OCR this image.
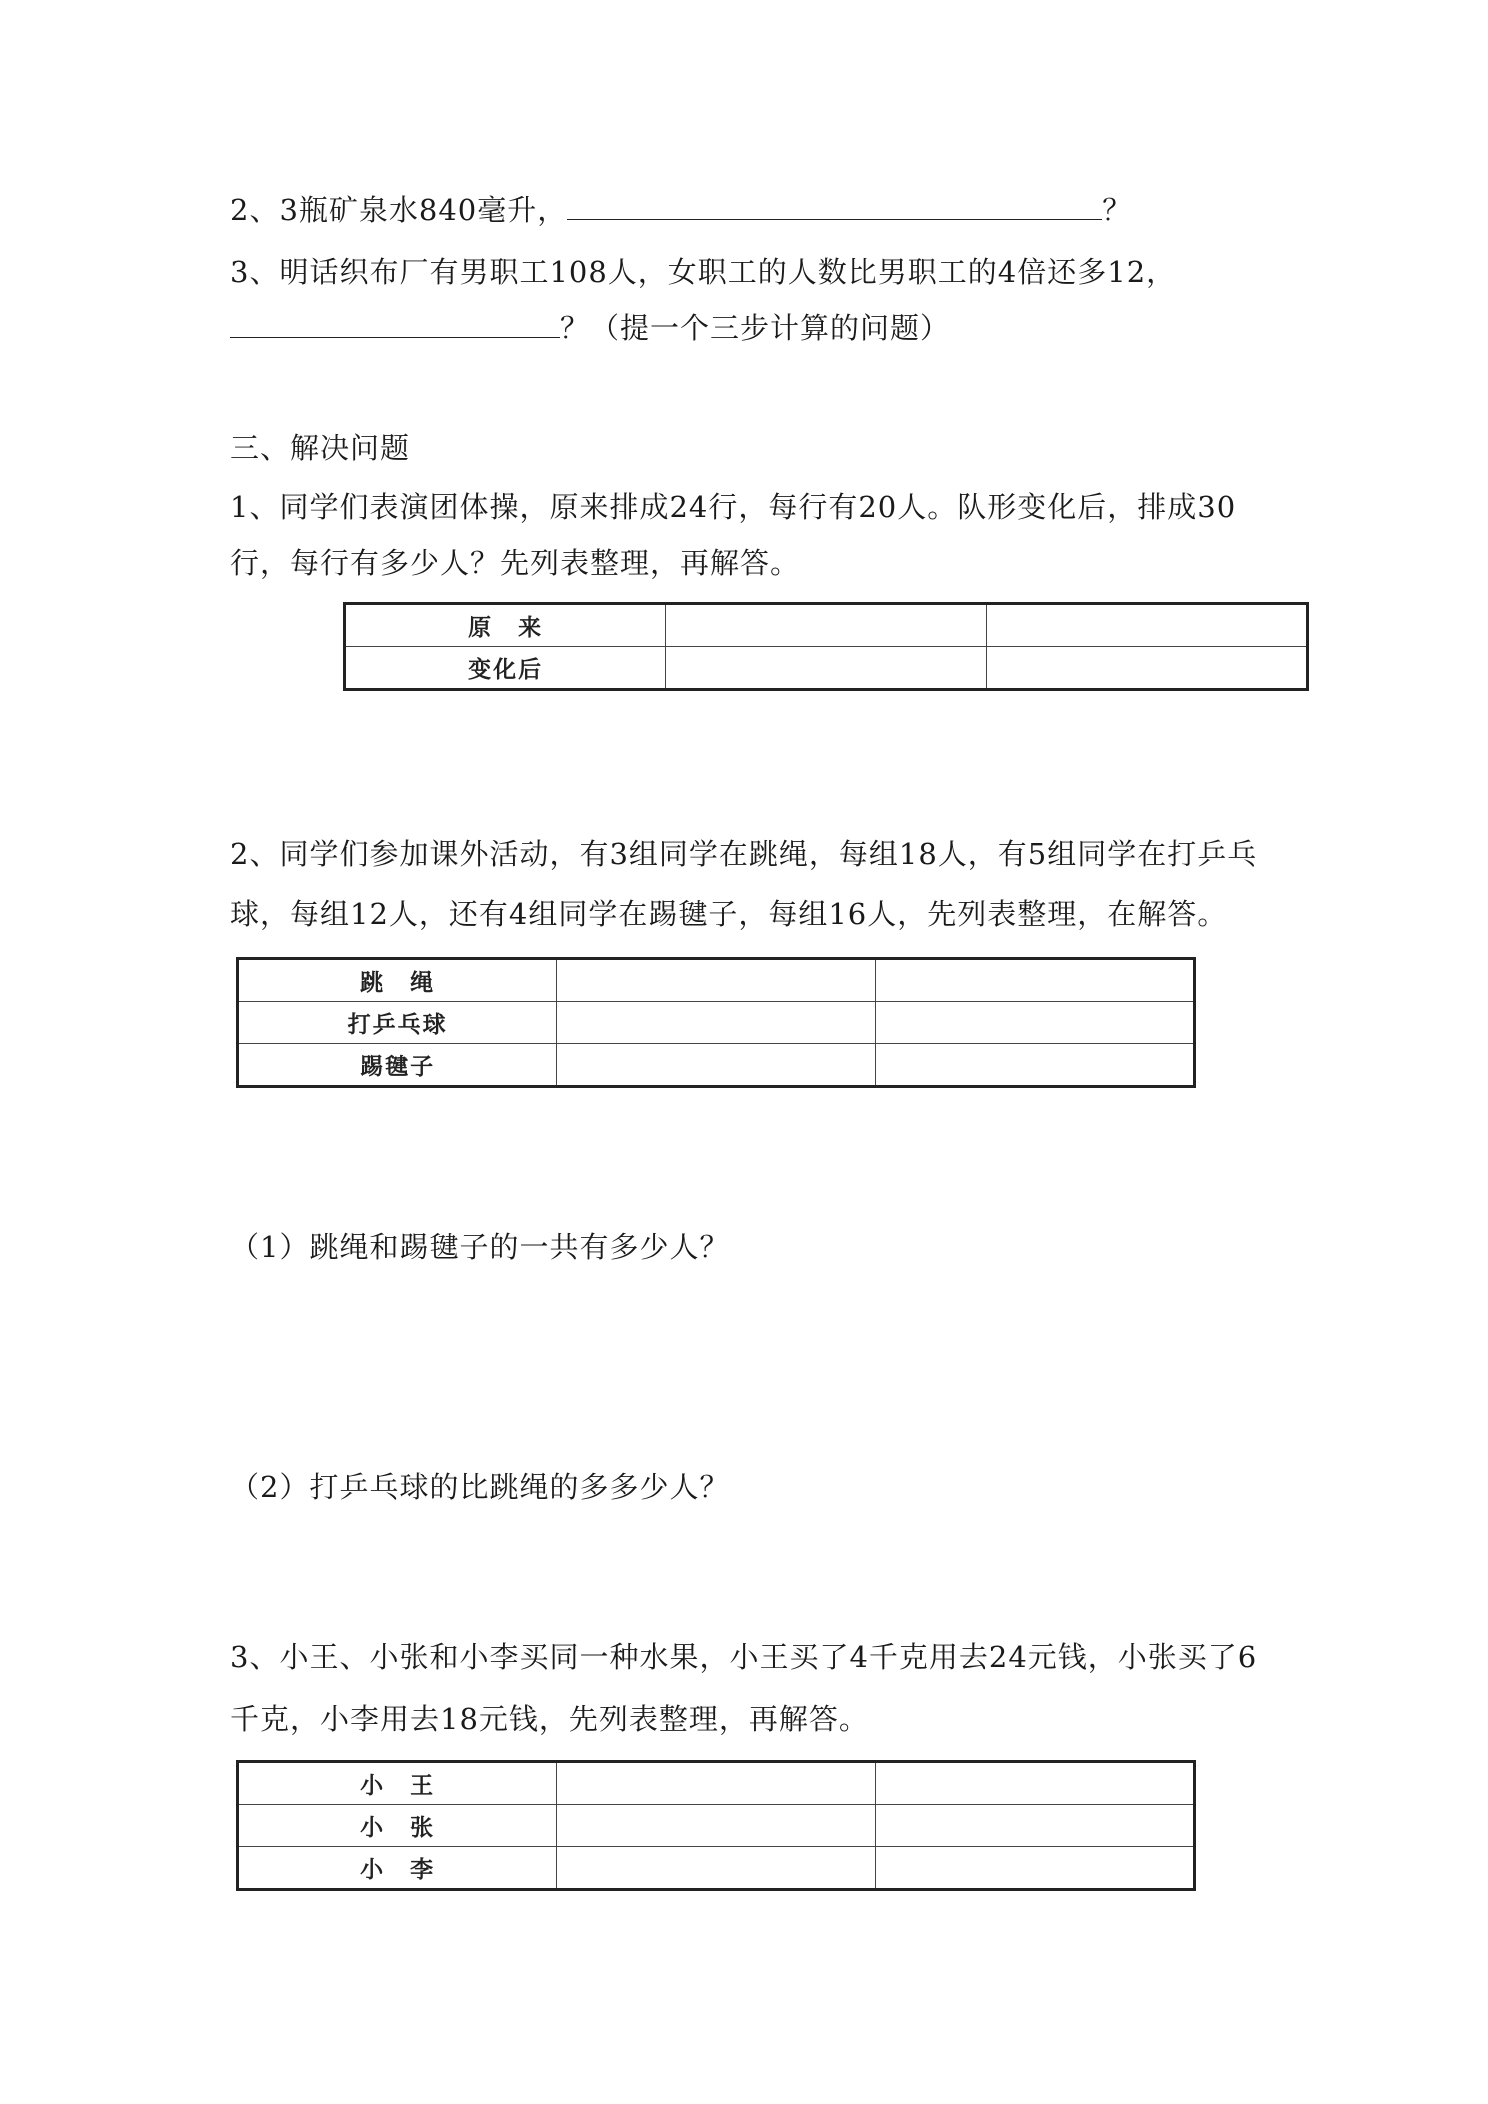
2、3瓶矿泉水840毫升，	？
3、明话织布厂有男职工108人，女职工的人数比男职工的4倍还多12，
？（提一个三步计算的问题）
三、解决问题
1、同学们表演团体操，原来排成24行，每行有20人。队形变化后，排成30
行，每行有多少人？先列表整理，再解答。
原　来		
变化后		
2、同学们参加课外活动，有3组同学在跳绳，每组18人，有5组同学在打乒乓
球，每组12人，还有4组同学在踢毽子，每组16人，先列表整理，在解答。
跳　绳		
打乒乓球		
踢毽子		
（1）跳绳和踢毽子的一共有多少人？
（2）打乒乓球的比跳绳的多多少人？
3、小王、小张和小李买同一种水果，小王买了4千克用去24元钱，小张买了6
千克，小李用去18元钱，先列表整理，再解答。
小　王		
小　张		
小　李		
